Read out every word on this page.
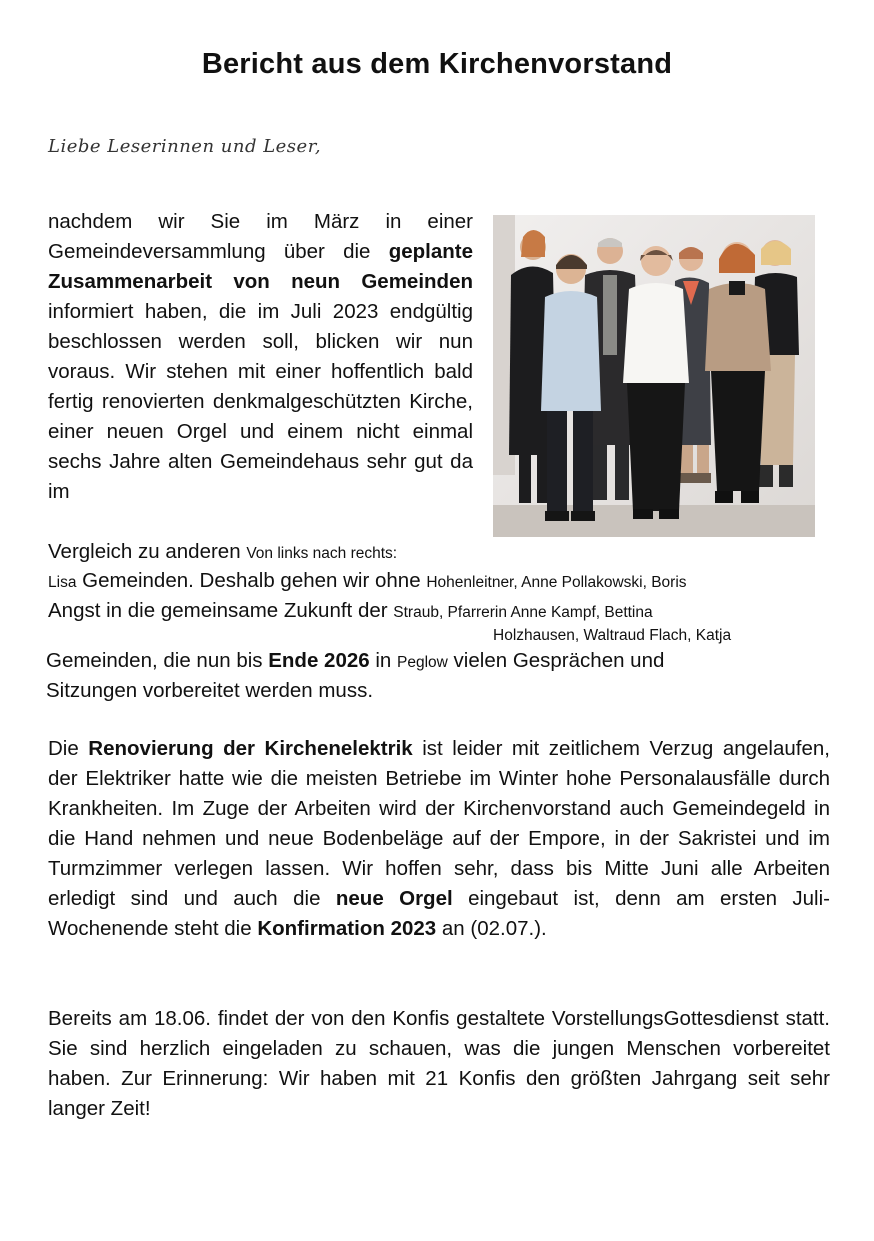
Bericht aus dem Kirchenvorstand
Liebe Leserinnen und Leser,

nachdem wir Sie im März in einer Gemeindeversammlung über die geplante Zusammenarbeit von neun Gemeinden informiert haben, die im Juli 2023 endgültig beschlossen werden soll, blicken wir nun voraus. Wir stehen mit einer hoffentlich bald fertig renovierten denkmalgeschützten Kirche, einer neuen Orgel und einem nicht einmal sechs Jahre alten Gemeindehaus sehr gut da im

Vergleich zu anderen Von links nach rechts:
Lisa Gemeinden. Deshalb gehen wir ohne Hohenleitner, Anne Pollakowski, Boris
Angst in die gemeinsame Zukunft der Straub, Pfarrerin Anne Kampf, Bettina
Holzhausen, Waltraud Flach, Katja
Gemeinden, die nun bis Ende 2026 in Peglow vielen Gesprächen und
Sitzungen vorbereitet werden muss.

Die Renovierung der Kirchenelektrik ist leider mit zeitlichem Verzug angelaufen, der Elektriker hatte wie die meisten Betriebe im Winter hohe Personalausfälle durch Krankheiten. Im Zuge der Arbeiten wird der Kirchenvorstand auch Gemeindegeld in die Hand nehmen und neue Bodenbeläge auf der Empore, in der Sakristei und im Turmzimmer verlegen lassen. Wir hoffen sehr, dass bis Mitte Juni alle Arbeiten erledigt sind und auch die neue Orgel eingebaut ist, denn am ersten Juli-Wochenende steht die Konfirmation 2023 an (02.07.).

Bereits am 18.06. findet der von den Konfis gestaltete VorstellungsGottesdienst statt. Sie sind herzlich eingeladen zu schauen, was die jungen Menschen vorbereitet haben. Zur Erinnerung: Wir haben mit 21 Konfis den größten Jahrgang seit sehr langer Zeit!
